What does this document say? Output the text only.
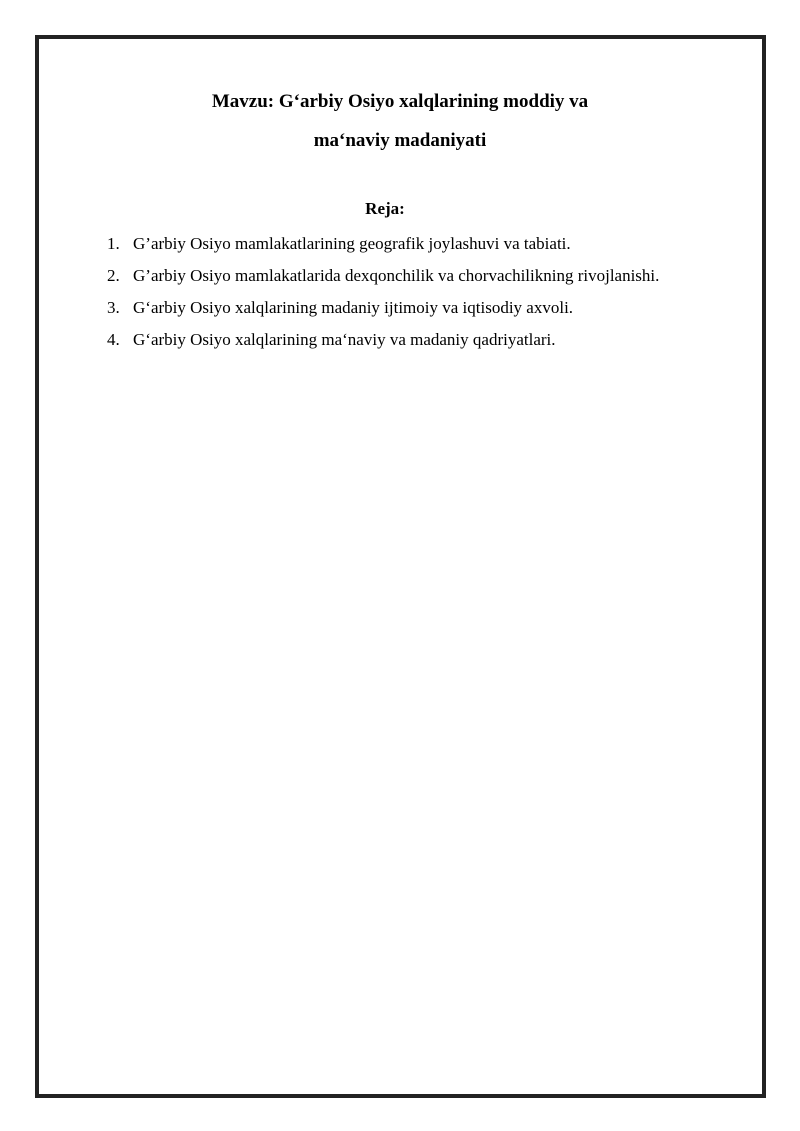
Mavzu: G‘arbiy Osiyo xalqlarining moddiy va
ma‘naviy madaniyati
Reja:
1. G’arbiy Osiyo mamlakatlarining geografik joylashuvi va tabiati.
2. G’arbiy Osiyo mamlakatlarida dexqonchilik va chorvachilikning rivojlanishi.
3. G‘arbiy Osiyo xalqlarining madaniy ijtimoiy va iqtisodiy axvoli.
4. G‘arbiy Osiyo xalqlarining ma‘naviy va madaniy qadriyatlari.
